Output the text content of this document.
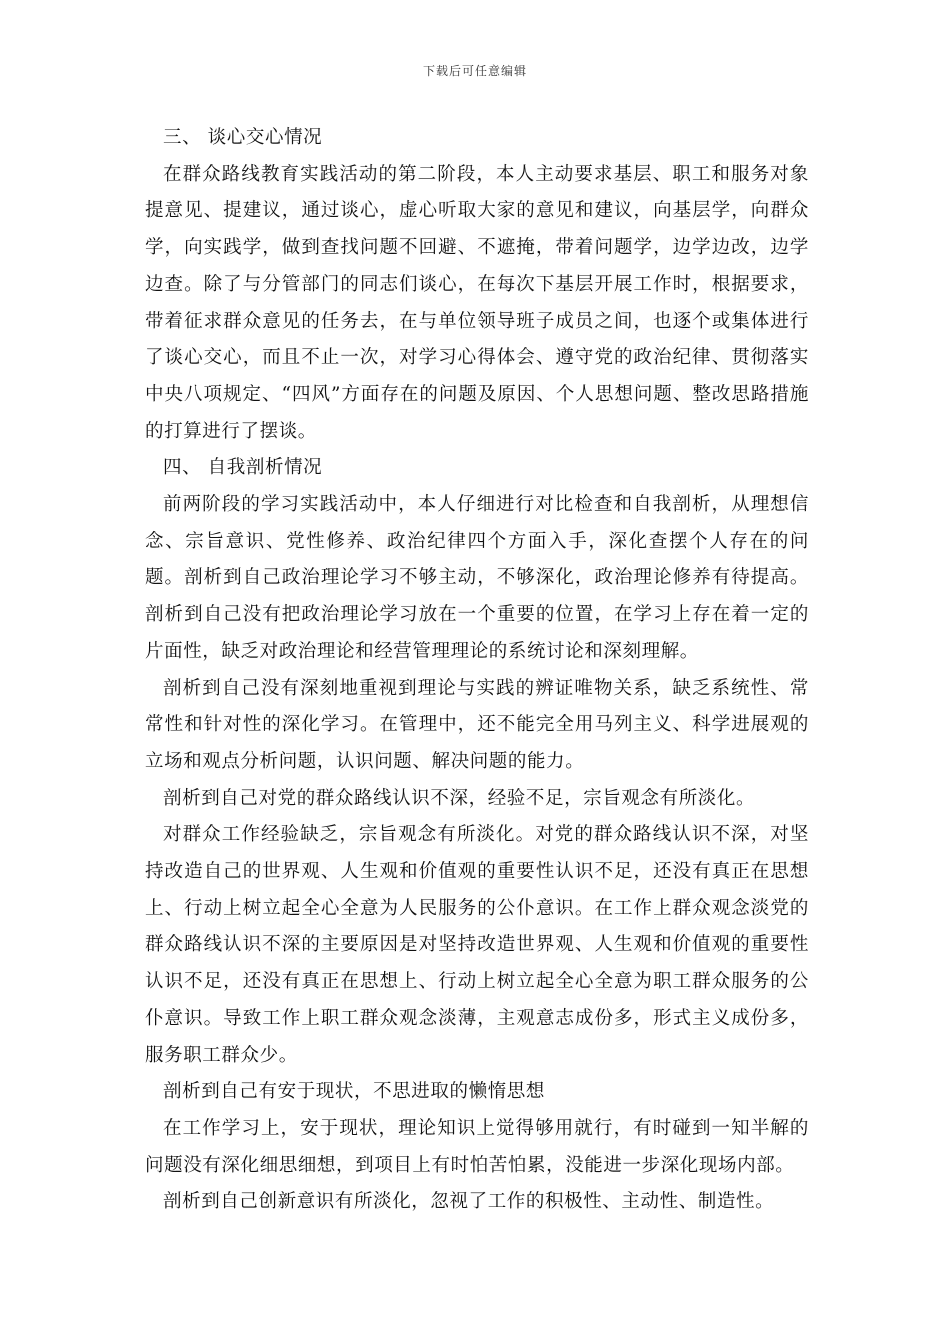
下载后可任意编辑

三、 谈心交心情况

在群众路线教育实践活动的第二阶段，本人主动要求基层、职工和服务对象提意见、提建议，通过谈心，虚心听取大家的意见和建议，向基层学，向群众学，向实践学，做到查找问题不回避、不遮掩，带着问题学，边学边改，边学边查。除了与分管部门的同志们谈心，在每次下基层开展工作时，根据要求，带着征求群众意见的任务去，在与单位领导班子成员之间，也逐个或集体进行了谈心交心，而且不止一次，对学习心得体会、遵守党的政治纪律、贯彻落实中央八项规定、“四风”方面存在的问题及原因、个人思想问题、整改思路措施的打算进行了摆谈。

四、 自我剖析情况

前两阶段的学习实践活动中，本人仔细进行对比检查和自我剖析，从理想信念、宗旨意识、党性修养、政治纪律四个方面入手，深化查摆个人存在的问题。剖析到自己政治理论学习不够主动，不够深化，政治理论修养有待提高。剖析到自己没有把政治理论学习放在一个重要的位置，在学习上存在着一定的片面性，缺乏对政治理论和经营管理理论的系统讨论和深刻理解。

剖析到自己没有深刻地重视到理论与实践的辨证唯物关系，缺乏系统性、常常性和针对性的深化学习。在管理中，还不能完全用马列主义、科学进展观的立场和观点分析问题，认识问题、解决问题的能力。

剖析到自己对党的群众路线认识不深，经验不足，宗旨观念有所淡化。

对群众工作经验缺乏，宗旨观念有所淡化。对党的群众路线认识不深，对坚持改造自己的世界观、人生观和价值观的重要性认识不足，还没有真正在思想上、行动上树立起全心全意为人民服务的公仆意识。在工作上群众观念淡党的群众路线认识不深的主要原因是对坚持改造世界观、人生观和价值观的重要性认识不足，还没有真正在思想上、行动上树立起全心全意为职工群众服务的公仆意识。导致工作上职工群众观念淡薄，主观意志成份多，形式主义成份多，服务职工群众少。

剖析到自己有安于现状，不思进取的懒惰思想

在工作学习上，安于现状，理论知识上觉得够用就行，有时碰到一知半解的问题没有深化细思细想，到项目上有时怕苦怕累，没能进一步深化现场内部。

剖析到自己创新意识有所淡化，忽视了工作的积极性、主动性、制造性。
